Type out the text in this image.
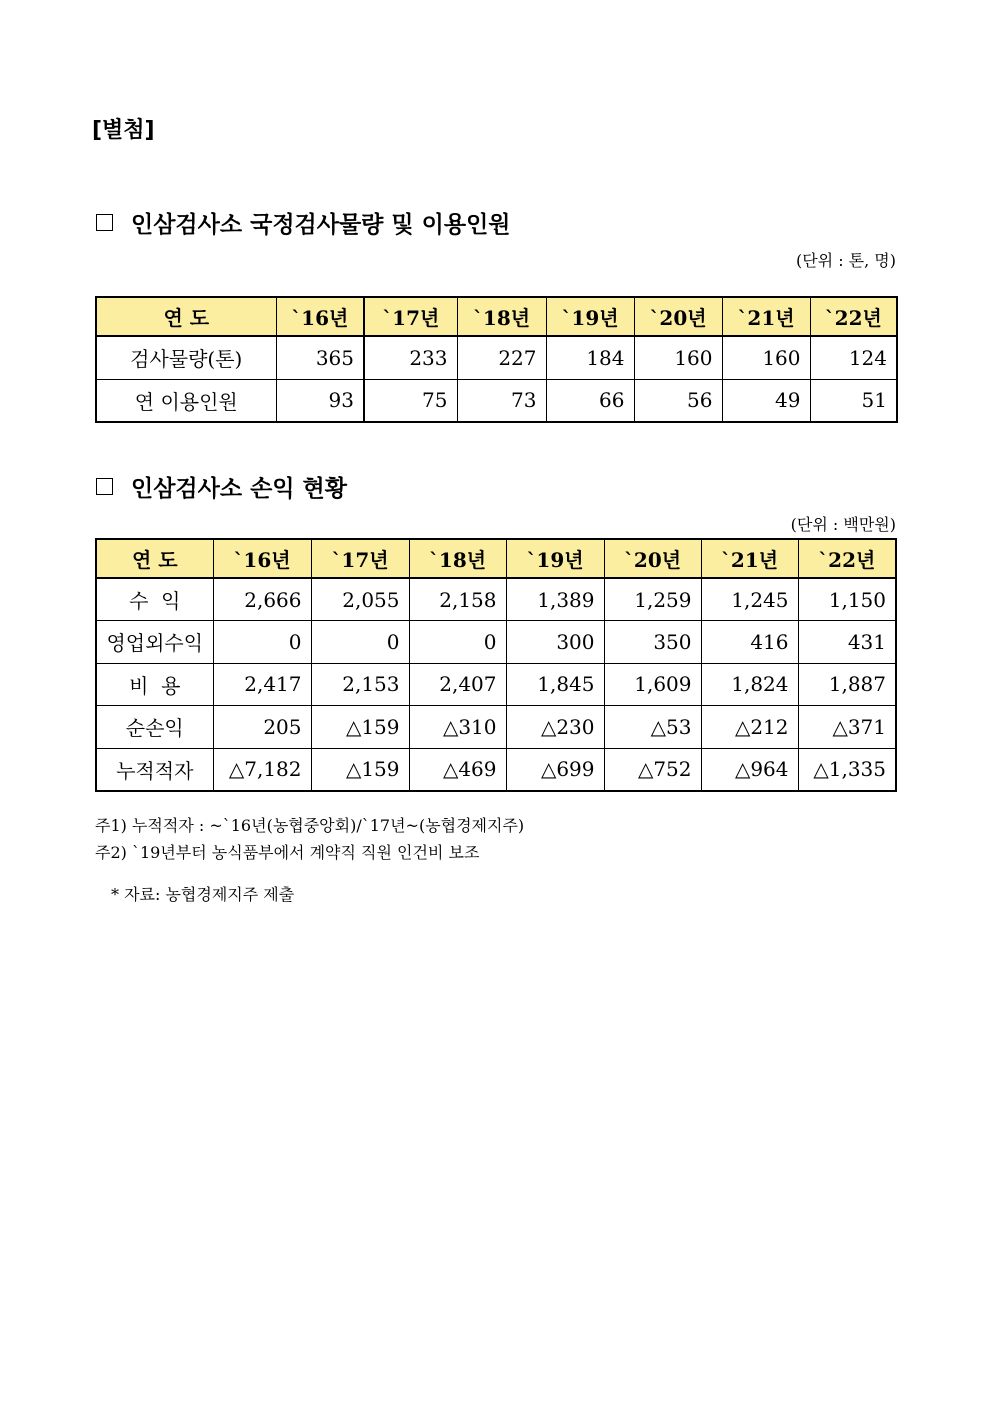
[별첨]
인삼검사소 국정검사물량 및 이용인원
(단위 : 톤, 명)
연 도	`16년	`17년	`18년	`19년	`20년	`21년	`22년
검사물량(톤)	365	233	227	184	160	160	124
연 이용인원	93	75	73	66	56	49	51
인삼검사소 손익 현황
(단위 : 백만원)
연 도	`16년	`17년	`18년	`19년	`20년	`21년	`22년
수  익	2,666	2,055	2,158	1,389	1,259	1,245	1,150
영업외수익	0	0	0	300	350	416	431
비  용	2,417	2,153	2,407	1,845	1,609	1,824	1,887
순손익	205	△159	△310	△230	△53	△212	△371
누적적자	△7,182	△159	△469	△699	△752	△964	△1,335
주1) 누적적자 : ~`16년(농협중앙회)/`17년~(농협경제지주)
주2) `19년부터 농식품부에서 계약직 직원 인건비 보조
* 자료: 농협경제지주 제출
